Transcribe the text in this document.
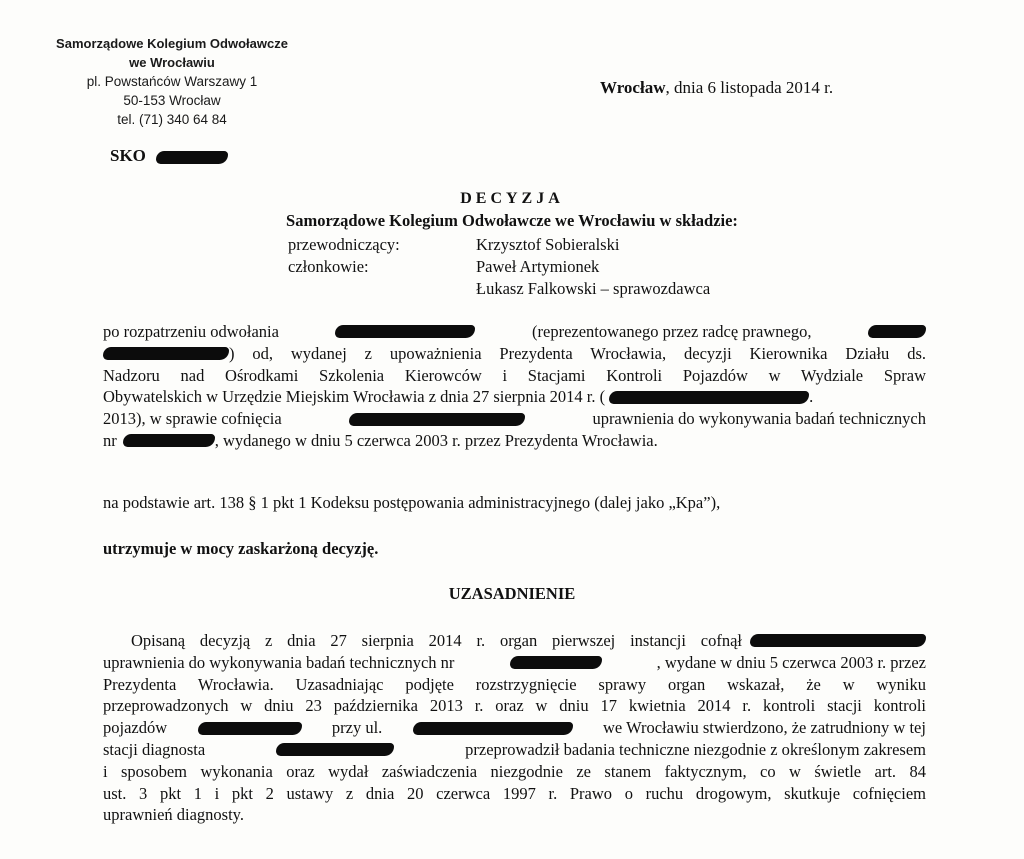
Samorządowe Kolegium Odwoławcze
we Wrocławiu
pl. Powstańców Warszawy 1
50-153 Wrocław
tel. (71) 340 64 84
Wrocław, dnia 6 listopada 2014 r.
SKO
DECYZJA
Samorządowe Kolegium Odwoławcze we Wrocławiu w składzie:
przewodniczący:	Krzysztof Sobieralski
członkowie:	Paweł Artymionek
Łukasz Falkowski – sprawozdawca
po rozpatrzeniu odwołania	(reprezentowanego przez radcę prawnego,
) od, wydanej z upoważnienia Prezydenta Wrocławia, decyzji Kierownika Działu ds.
Nadzoru nad Ośrodkami Szkolenia Kierowców i Stacjami Kontroli Pojazdów w Wydziale Spraw
Obywatelskich w Urzędzie Miejskim Wrocławia z dnia 27 sierpnia 2014 r. (	.
2013), w sprawie cofnięcia	uprawnienia do wykonywania badań technicznych
nr	, wydanego w dniu 5 czerwca 2003 r. przez Prezydenta Wrocławia.
na podstawie art. 138 § 1 pkt 1 Kodeksu postępowania administracyjnego (dalej jako „Kpa”),
utrzymuje w mocy zaskarżoną decyzję.
UZASADNIENIE
Opisaną decyzją z dnia 27 sierpnia 2014 r. organ pierwszej instancji cofnął
uprawnienia do wykonywania badań technicznych nr	, wydane w dniu 5 czerwca 2003 r. przez
Prezydenta Wrocławia. Uzasadniając podjęte rozstrzygnięcie sprawy organ wskazał, że w wyniku
przeprowadzonych w dniu 23 października 2013 r. oraz w dniu 17 kwietnia 2014 r. kontroli stacji kontroli
pojazdów	przy ul.	we Wrocławiu stwierdzono, że zatrudniony w tej
stacji diagnosta	przeprowadził badania techniczne niezgodnie z określonym zakresem
i sposobem wykonania oraz wydał zaświadczenia niezgodnie ze stanem faktycznym, co w świetle art. 84
ust. 3 pkt 1 i pkt 2 ustawy z dnia 20 czerwca 1997 r. Prawo o ruchu drogowym, skutkuje cofnięciem
uprawnień diagnosty.
